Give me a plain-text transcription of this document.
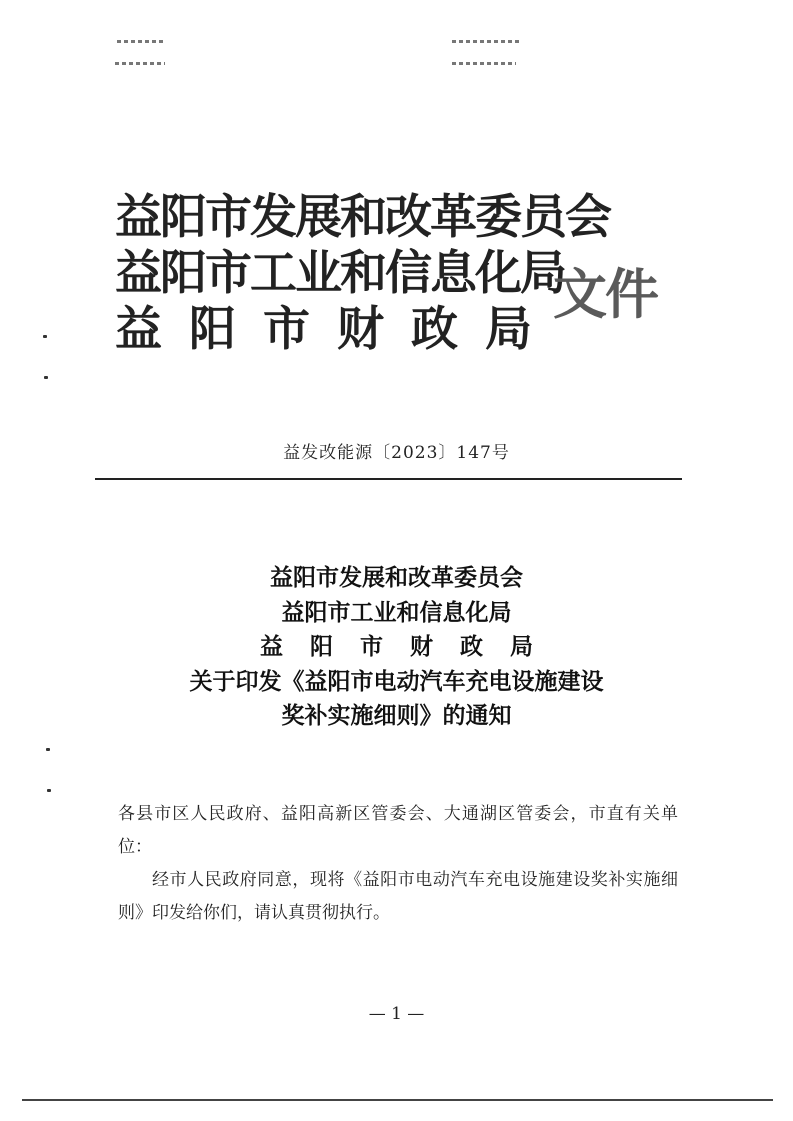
益阳市发展和改革委员会
益阳市工业和信息化局
益阳市财政局
文件
益发改能源〔2023〕147号
益阳市发展和改革委员会
益阳市工业和信息化局
益阳市财政局
关于印发《益阳市电动汽车充电设施建设
奖补实施细则》的通知

各县市区人民政府、益阳高新区管委会、大通湖区管委会，市直有关单位：

经市人民政府同意，现将《益阳市电动汽车充电设施建设奖补实施细则》印发给你们，请认真贯彻执行。

— 1 —
